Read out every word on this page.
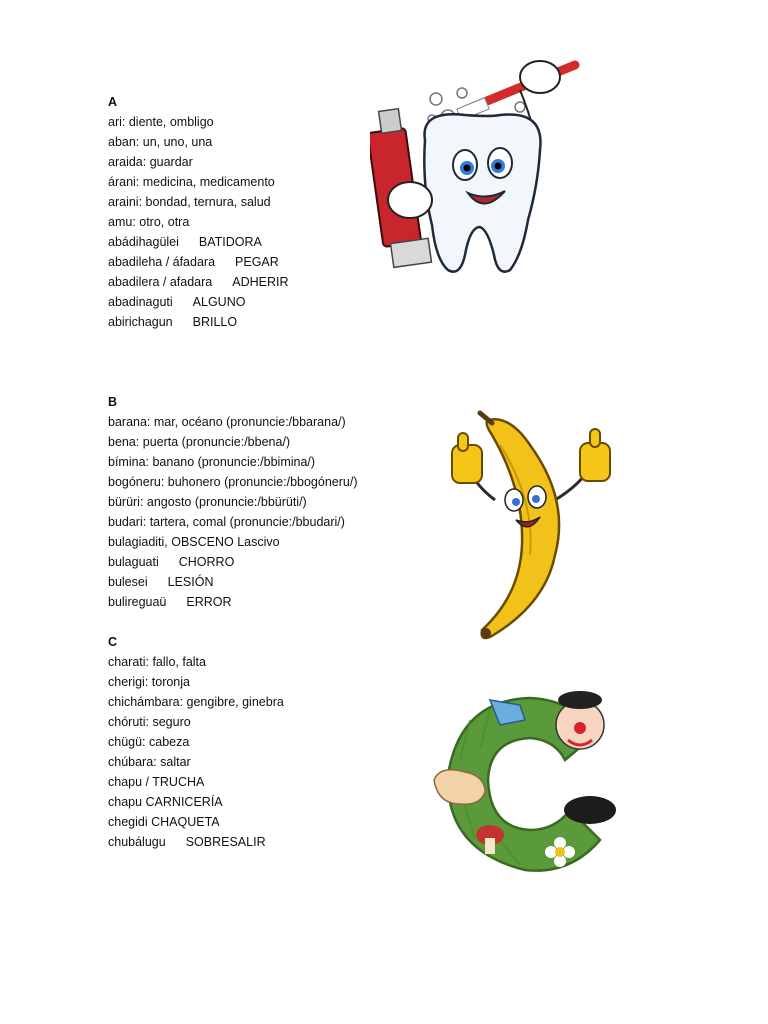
A
ari: diente, ombligo
aban: un, uno, una
araida: guardar
árani: medicina, medicamento
araini: bondad, ternura, salud
amu: otro, otra
abádihagülei BATIDORA
abadileha / áfadara PEGAR
abadilera / afadara ADHERIR
abadinaguti ALGUNO
abirichagun BRILLO
B
barana: mar, océano (pronuncie:/bbarana/)
bena: puerta (pronuncie:/bbena/)
bímina: banano (pronuncie:/bbimina/)
bogóneru: buhonero (pronuncie:/bbogóneru/)
bürüri: angosto (pronuncie:/bbürüti/)
budari: tartera, comal (pronuncie:/bbudari/)
bulagiaditi, OBSCENO Lascivo
bulaguati CHORRO
bulesei LESIÓN
bulireguaü ERROR
C
charati: fallo, falta
cherigi: toronja
chichámbara: gengibre, ginebra
chóruti: seguro
chügü: cabeza
chúbara: saltar
chapu / TRUCHA
chapu CARNICERÍA
chegidi CHAQUETA
chubálugu SOBRESALIR
